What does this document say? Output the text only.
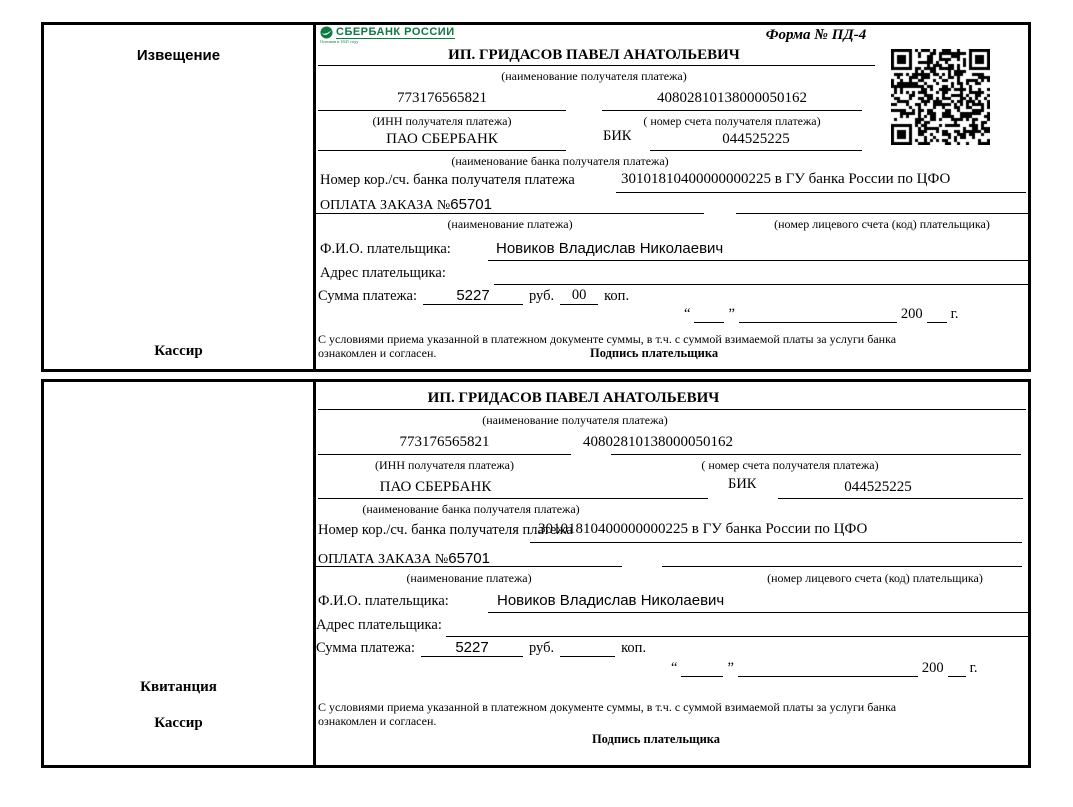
Извещение
Кассир
СБЕРБАНК РОССИИ
Основан в 1841 году	Форма № ПД-4
ИП. ГРИДАСОВ ПАВЕЛ АНАТОЛЬЕВИЧ
(наименование получателя платежа)
773176565821	40802810138000050162
(ИНН получателя платежа)	( номер счета получателя платежа)
ПАО СБЕРБАНК	БИК	044525225
(наименование банка получателя платежа)
Номер кор./сч. банка получателя платежа	30101810400000000225 в ГУ банка России по ЦФО
ОПЛАТА ЗАКАЗА №65701
(наименование платежа)	(номер лицевого счета (код) плательщика)
Ф.И.О. плательщика:	Новиков Владислав Николаевич
Адрес плательщика:
Сумма платежа:	5227	руб.	00	коп.
“	”	200 г.
С условиями приема указанной в платежном документе суммы, в т.ч. с суммой взимаемой платы за услуги банка
ознакомлен и согласен.	Подпись плательщика
Квитанция
Кассир
ИП. ГРИДАСОВ ПАВЕЛ АНАТОЛЬЕВИЧ
(наименование получателя платежа)
773176565821	40802810138000050162
(ИНН получателя платежа)	( номер счета получателя платежа)
ПАО СБЕРБАНК	БИК	044525225
(наименование банка получателя платежа)
Номер кор./сч. банка получателя платежа
30101810400000000225 в ГУ банка России по ЦФО
ОПЛАТА ЗАКАЗА №65701
(наименование платежа)	(номер лицевого счета (код) плательщика)
Ф.И.О. плательщика:	Новиков Владислав Николаевич
Адрес плательщика:
Сумма платежа:	5227	руб.	коп.
“	”	200 г.
С условиями приема указанной в платежном документе суммы, в т.ч. с суммой взимаемой платы за услуги банка
ознакомлен и согласен.
Подпись плательщика
